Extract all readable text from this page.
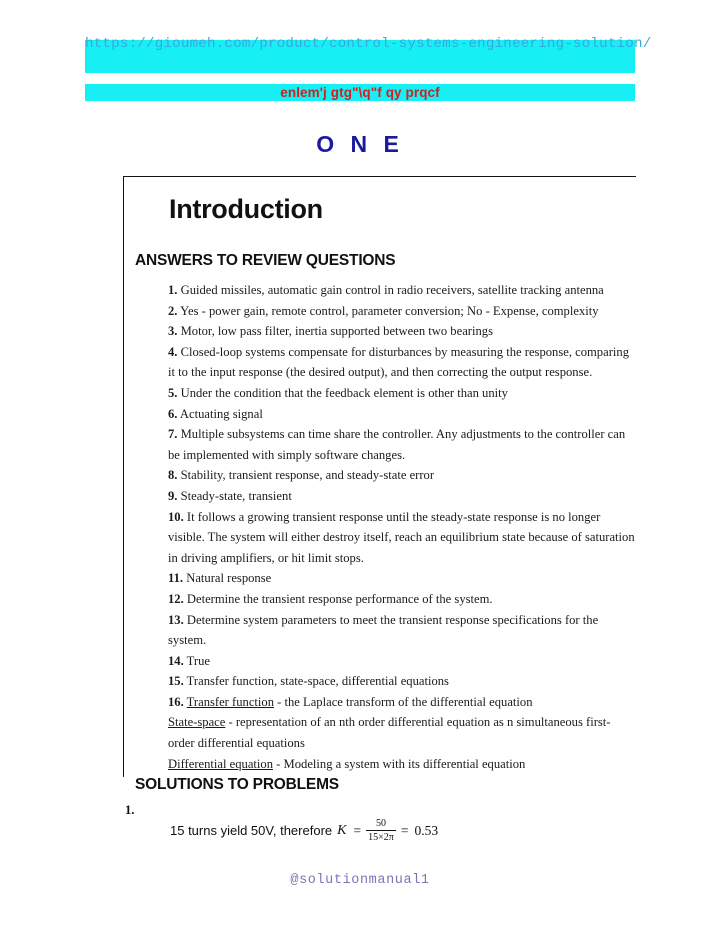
https://gioumeh.com/product/control-systems-engineering-solution/
enlem'j gtg"\q"f qy prqcf
O N E
Introduction
ANSWERS TO REVIEW QUESTIONS
1. Guided missiles, automatic gain control in radio receivers, satellite tracking antenna
2. Yes - power gain, remote control, parameter conversion; No - Expense, complexity
3. Motor, low pass filter, inertia supported between two bearings
4. Closed-loop systems compensate for disturbances by measuring the response, comparing it to the input response (the desired output), and then correcting the output response.
5. Under the condition that the feedback element is other than unity
6. Actuating signal
7. Multiple subsystems can time share the controller. Any adjustments to the controller can be implemented with simply software changes.
8. Stability, transient response, and steady-state error
9. Steady-state, transient
10. It follows a growing transient response until the steady-state response is no longer visible. The system will either destroy itself, reach an equilibrium state because of saturation in driving amplifiers, or hit limit stops.
11. Natural response
12. Determine the transient response performance of the system.
13. Determine system parameters to meet the transient response specifications for the system.
14. True
15. Transfer function, state-space, differential equations
16. Transfer function - the Laplace transform of the differential equation
State-space - representation of an nth order differential equation as n simultaneous first-order differential equations
Differential equation - Modeling a system with its differential equation
SOLUTIONS TO PROBLEMS
1.
15 turns yield 50V, therefore $K = \frac{50}{15\times 2\pi} = 0.53$
@solutionmanual1
